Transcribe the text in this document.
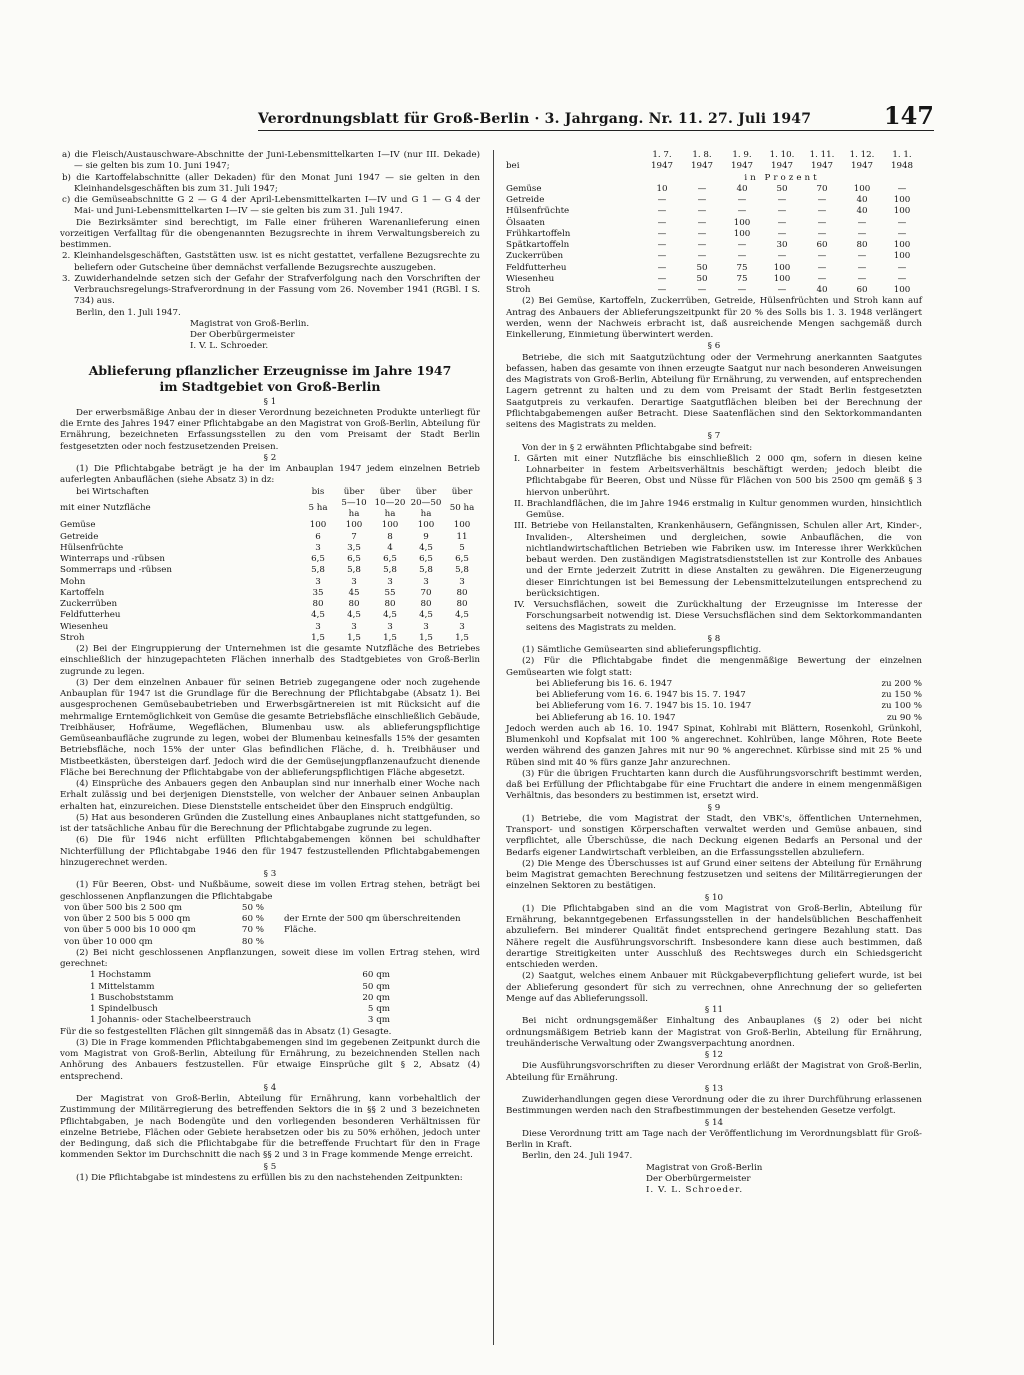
Verordnungsblatt für Groß-Berlin · 3. Jahrgang. Nr. 11. 27. Juli 1947	147

a) die Fleisch/Austauschware-Abschnitte der Juni-Lebensmittelkarten I—IV (nur III. Dekade) — sie gelten bis zum 10. Juni 1947;

b) die Kartoffelabschnitte (aller Dekaden) für den Monat Juni 1947 — sie gelten in den Kleinhandelsgeschäften bis zum 31. Juli 1947;

c) die Gemüseabschnitte G 2 — G 4 der April-Lebensmittelkarten I—IV und G 1 — G 4 der Mai- und Juni-Lebensmittelkarten I—IV — sie gelten bis zum 31. Juli 1947.

Die Bezirksämter sind berechtigt, im Falle einer früheren Warenanlieferung einen vorzeitigen Verfalltag für die obengenannten Bezugsrechte in ihrem Verwaltungsbereich zu bestimmen.

2. Kleinhandelsgeschäften, Gaststätten usw. ist es nicht gestattet, verfallene Bezugsrechte zu beliefern oder Gutscheine über demnächst verfallende Bezugsrechte auszugeben.

3. Zuwiderhandelnde setzen sich der Gefahr der Strafverfolgung nach den Vorschriften der Verbrauchsregelungs-Strafverordnung in der Fassung vom 26. November 1941 (RGBl. I S. 734) aus.

Berlin, den 1. Juli 1947.

Magistrat von Groß-Berlin.
Der Oberbürgermeister
I. V. L. Schroeder.
Ablieferung pflanzlicher Erzeugnisse im Jahre 1947
im Stadtgebiet von Groß-Berlin
§ 1

Der erwerbsmäßige Anbau der in dieser Verordnung bezeichneten Produkte unterliegt für die Ernte des Jahres 1947 einer Pflichtabgabe an den Magistrat von Groß-Berlin, Abteilung für Ernährung, bezeichneten Erfassungsstellen zu den vom Preisamt der Stadt Berlin festgesetzten oder noch festzusetzenden Preisen.

§ 2

(1) Die Pflichtabgabe beträgt je ha der im Anbauplan 1947 jedem einzelnen Betrieb auferlegten Anbauflächen (siehe Absatz 3) in dz:

bei Wirtschaften	bis	über	über	über	über
mit einer Nutzfläche	5 ha	5—10 ha	10—20 ha	20—50 ha	50 ha
Gemüse	100	100	100	100	100
Getreide	6	7	8	9	11
Hülsenfrüchte	3	3,5	4	4,5	5
Winterraps und -rübsen	6,5	6,5	6,5	6,5	6,5
Sommerraps und -rübsen	5,8	5,8	5,8	5,8	5,8
Mohn	3	3	3	3	3
Kartoffeln	35	45	55	70	80
Zuckerrüben	80	80	80	80	80
Feldfutterheu	4,5	4,5	4,5	4,5	4,5
Wiesenheu	3	3	3	3	3
Stroh	1,5	1,5	1,5	1,5	1,5

(2) Bei der Eingruppierung der Unternehmen ist die gesamte Nutzfläche des Betriebes einschließlich der hinzugepachteten Flächen innerhalb des Stadtgebietes von Groß-Berlin zugrunde zu legen.

(3) Der dem einzelnen Anbauer für seinen Betrieb zugegangene oder noch zugehende Anbauplan für 1947 ist die Grundlage für die Berechnung der Pflichtabgabe (Absatz 1). Bei ausgesprochenen Gemüsebaubetrieben und Erwerbsgärtnereien ist mit Rücksicht auf die mehrmalige Erntemöglichkeit von Gemüse die gesamte Betriebsfläche einschließlich Gebäude, Treibhäuser, Hofräume, Wegeflächen, Blumenbau usw. als ablieferungspflichtige Gemüseanbaufläche zugrunde zu legen, wobei der Blumenbau keinesfalls 15% der gesamten Betriebsfläche, noch 15% der unter Glas befindlichen Fläche, d. h. Treibhäuser und Mistbeetkästen, übersteigen darf. Jedoch wird die der Gemüsejungpflanzenaufzucht dienende Fläche bei Berechnung der Pflichtabgabe von der ablieferungspflichtigen Fläche abgesetzt.

(4) Einsprüche des Anbauers gegen den Anbauplan sind nur innerhalb einer Woche nach Erhalt zulässig und bei derjenigen Dienststelle, von welcher der Anbauer seinen Anbauplan erhalten hat, einzureichen. Diese Dienststelle entscheidet über den Einspruch endgültig.

(5) Hat aus besonderen Gründen die Zustellung eines Anbauplanes nicht stattgefunden, so ist der tatsächliche Anbau für die Berechnung der Pflichtabgabe zugrunde zu legen.

(6) Die für 1946 nicht erfüllten Pflichtabgabemengen können bei schuldhafter Nichterfüllung der Pflichtabgabe 1946 den für 1947 festzustellenden Pflichtabgabemengen hinzugerechnet werden.

§ 3

(1) Für Beeren, Obst- und Nußbäume, soweit diese im vollen Ertrag stehen, beträgt bei geschlossenen Anpflanzungen die Pflichtabgabe

von über 500 bis 2 500 qm	50 %
von über 2 500 bis 5 000 qm	60 %
von über 5 000 bis 10 000 qm	70 %
von über 10 000 qm	80 %
	der Ernte der 500 qm überschreitenden Fläche.

(2) Bei nicht geschlossenen Anpflanzungen, soweit diese im vollen Ertrag stehen, wird gerechnet:

1 Hochstamm	60 qm
1 Mittelstamm	50 qm
1 Buschobststamm	20 qm
1 Spindelbusch	5 qm
1 Johannis- oder Stachelbeerstrauch	3 qm

Für die so festgestellten Flächen gilt sinngemäß das in Absatz (1) Gesagte.

(3) Die in Frage kommenden Pflichtabgabemengen sind im gegebenen Zeitpunkt durch die vom Magistrat von Groß-Berlin, Abteilung für Ernährung, zu bezeichnenden Stellen nach Anhörung des Anbauers festzustellen. Für etwaige Einsprüche gilt § 2, Absatz (4) entsprechend.

§ 4

Der Magistrat von Groß-Berlin, Abteilung für Ernährung, kann vorbehaltlich der Zustimmung der Militärregierung des betreffenden Sektors die in §§ 2 und 3 bezeichneten Pflichtabgaben, je nach Bodengüte und den vorliegenden besonderen Verhältnissen für einzelne Betriebe, Flächen oder Gebiete herabsetzen oder bis zu 50% erhöhen, jedoch unter der Bedingung, daß sich die Pflichtabgabe für die betreffende Fruchtart für den in Frage kommenden Sektor im Durchschnitt die nach §§ 2 und 3 in Frage kommende Menge erreicht.

§ 5

(1) Die Pflichtabgabe ist mindestens zu erfüllen bis zu den nachstehenden Zeitpunkten:

	1. 7.	1. 8.	1. 9.	1. 10.	1. 11.	1. 12.	1. 1.
bei	1947	1947	1947	1947	1947	1947	1948
	in Prozent						
Gemüse	10	—	40	50	70	100	—
Getreide	—	—	—	—	—	40	100
Hülsenfrüchte	—	—	—	—	—	40	100
Ölsaaten	—	—	100	—	—	—	—
Frühkartoffeln	—	—	100	—	—	—	—
Spätkartoffeln	—	—	—	30	60	80	100
Zuckerrüben	—	—	—	—	—	—	100
Feldfutterheu	—	50	75	100	—	—	—
Wiesenheu	—	50	75	100	—	—	—
Stroh	—	—	—	—	40	60	100

(2) Bei Gemüse, Kartoffeln, Zuckerrüben, Getreide, Hülsenfrüchten und Stroh kann auf Antrag des Anbauers der Ablieferungszeitpunkt für 20 % des Solls bis 1. 3. 1948 verlängert werden, wenn der Nachweis erbracht ist, daß ausreichende Mengen sachgemäß durch Einkellerung, Einmietung überwintert werden.

§ 6

Betriebe, die sich mit Saatgutzüchtung oder der Vermehrung anerkannten Saatgutes befassen, haben das gesamte von ihnen erzeugte Saatgut nur nach besonderen Anweisungen des Magistrats von Groß-Berlin, Abteilung für Ernährung, zu verwenden, auf entsprechenden Lagern getrennt zu halten und zu dem vom Preisamt der Stadt Berlin festgesetzten Saatgutpreis zu verkaufen. Derartige Saatgutflächen bleiben bei der Berechnung der Pflichtabgabemengen außer Betracht. Diese Saatenflächen sind den Sektorkommandanten seitens des Magistrats zu melden.

§ 7

Von der in § 2 erwähnten Pflichtabgabe sind befreit:

I. Gärten mit einer Nutzfläche bis einschließlich 2 000 qm, sofern in diesen keine Lohnarbeiter in festem Arbeitsverhältnis beschäftigt werden; jedoch bleibt die Pflichtabgabe für Beeren, Obst und Nüsse für Flächen von 500 bis 2500 qm gemäß § 3 hiervon unberührt.

II. Brachlandflächen, die im Jahre 1946 erstmalig in Kultur genommen wurden, hinsichtlich Gemüse.

III. Betriebe von Heilanstalten, Krankenhäusern, Gefängnissen, Schulen aller Art, Kinder-, Invaliden-, Altersheimen und dergleichen, sowie Anbauflächen, die von nichtlandwirtschaftlichen Betrieben wie Fabriken usw. im Interesse ihrer Werkküchen bebaut werden. Den zuständigen Magistratsdienststellen ist zur Kontrolle des Anbaues und der Ernte jederzeit Zutritt in diese Anstalten zu gewähren. Die Eigenerzeugung dieser Einrichtungen ist bei Bemessung der Lebensmittelzuteilungen entsprechend zu berücksichtigen.

IV. Versuchsflächen, soweit die Zurückhaltung der Erzeugnisse im Interesse der Forschungsarbeit notwendig ist. Diese Versuchsflächen sind dem Sektorkommandanten seitens des Magistrats zu melden.

§ 8

(1) Sämtliche Gemüsearten sind ablieferungspflichtig.

(2) Für die Pflichtabgabe findet die mengenmäßige Bewertung der einzelnen Gemüsearten wie folgt statt:

bei Ablieferung bis 16. 6. 1947	zu 200 %
bei Ablieferung vom 16. 6. 1947 bis 15. 7. 1947	zu 150 %
bei Ablieferung vom 16. 7. 1947 bis 15. 10. 1947	zu 100 %
bei Ablieferung ab 16. 10. 1947	zu 90 %

Jedoch werden auch ab 16. 10. 1947 Spinat, Kohlrabi mit Blättern, Rosenkohl, Grünkohl, Blumenkohl und Kopfsalat mit 100 % angerechnet. Kohlrüben, lange Möhren, Rote Beete werden während des ganzen Jahres mit nur 90 % angerechnet. Kürbisse sind mit 25 % und Rüben sind mit 40 % fürs ganze Jahr anzurechnen.

(3) Für die übrigen Fruchtarten kann durch die Ausführungsvorschrift bestimmt werden, daß bei Erfüllung der Pflichtabgabe für eine Fruchtart die andere in einem mengenmäßigen Verhältnis, das besonders zu bestimmen ist, ersetzt wird.

§ 9

(1) Betriebe, die vom Magistrat der Stadt, den VBK's, öffentlichen Unternehmen, Transport- und sonstigen Körperschaften verwaltet werden und Gemüse anbauen, sind verpflichtet, alle Überschüsse, die nach Deckung eigenen Bedarfs an Personal und der Bedarfs eigener Landwirtschaft verbleiben, an die Erfassungsstellen abzuliefern.

(2) Die Menge des Überschusses ist auf Grund einer seitens der Abteilung für Ernährung beim Magistrat gemachten Berechnung festzusetzen und seitens der Militärregierungen der einzelnen Sektoren zu bestätigen.

§ 10

(1) Die Pflichtabgaben sind an die vom Magistrat von Groß-Berlin, Abteilung für Ernährung, bekanntgegebenen Erfassungsstellen in der handelsüblichen Beschaffenheit abzuliefern. Bei minderer Qualität findet entsprechend geringere Bezahlung statt. Das Nähere regelt die Ausführungsvorschrift. Insbesondere kann diese auch bestimmen, daß derartige Streitigkeiten unter Ausschluß des Rechtsweges durch ein Schiedsgericht entschieden werden.

(2) Saatgut, welches einem Anbauer mit Rückgabeverpflichtung geliefert wurde, ist bei der Ablieferung gesondert für sich zu verrechnen, ohne Anrechnung der so gelieferten Menge auf das Ablieferungssoll.

§ 11

Bei nicht ordnungsgemäßer Einhaltung des Anbauplanes (§ 2) oder bei nicht ordnungsmäßigem Betrieb kann der Magistrat von Groß-Berlin, Abteilung für Ernährung, treuhänderische Verwaltung oder Zwangsverpachtung anordnen.

§ 12

Die Ausführungsvorschriften zu dieser Verordnung erläßt der Magistrat von Groß-Berlin, Abteilung für Ernährung.

§ 13

Zuwiderhandlungen gegen diese Verordnung oder die zu ihrer Durchführung erlassenen Bestimmungen werden nach den Strafbestimmungen der bestehenden Gesetze verfolgt.

§ 14

Diese Verordnung tritt am Tage nach der Veröffentlichung im Verordnungsblatt für Groß-Berlin in Kraft.

Berlin, den 24. Juli 1947.

Magistrat von Groß-Berlin
Der Oberbürgermeister
I. V. L. Schroeder.
